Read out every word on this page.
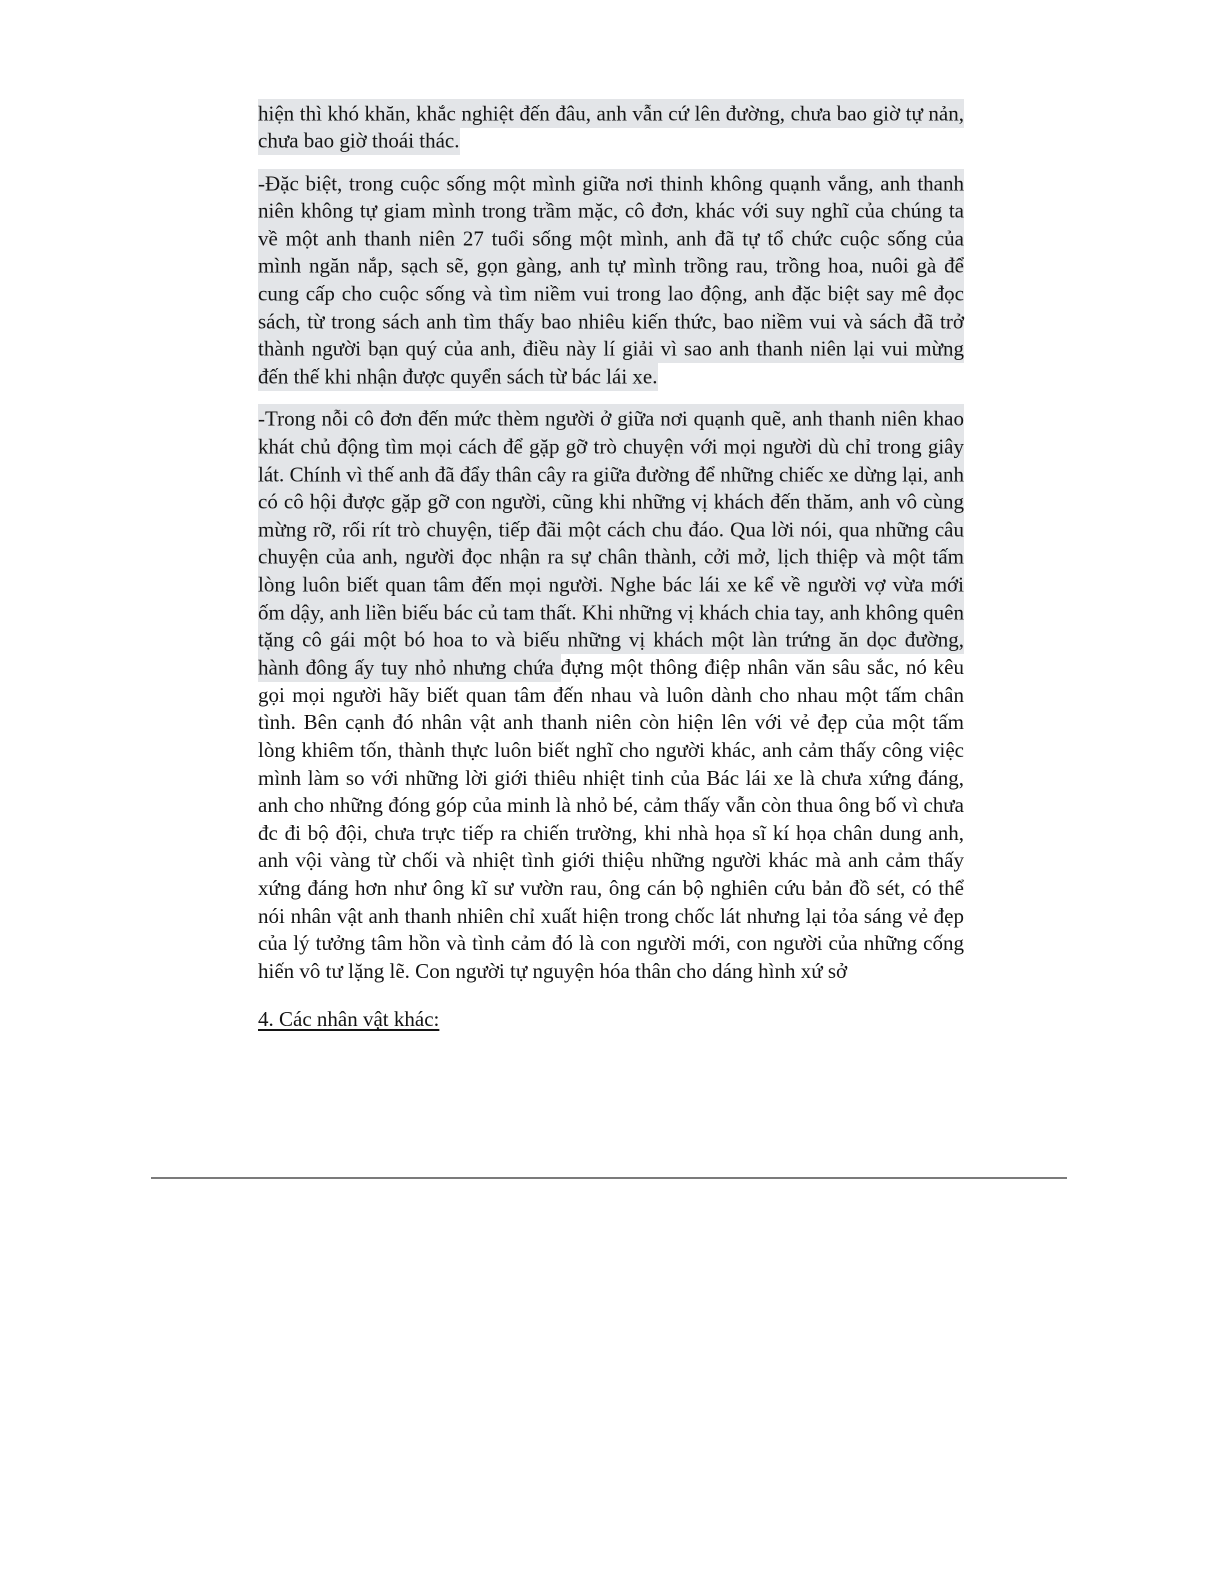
hiện thì khó khăn, khắc nghiệt đến đâu, anh vẫn cứ lên đường, chưa bao giờ tự nản, chưa bao giờ thoái thác.

-Đặc biệt, trong cuộc sống một mình giữa nơi thinh không quạnh vắng, anh thanh niên không tự giam mình trong trầm mặc, cô đơn, khác với suy nghĩ của chúng ta về một anh thanh niên 27 tuổi sống một mình, anh đã tự tổ chức cuộc sống của mình ngăn nắp, sạch sẽ, gọn gàng, anh tự mình trồng rau, trồng hoa, nuôi gà để cung cấp cho cuộc sống và tìm niềm vui trong lao động, anh đặc biệt say mê đọc sách, từ trong sách anh tìm thấy bao nhiêu kiến thức, bao niềm vui và sách đã trở thành người bạn quý của anh, điều này lí giải vì sao anh thanh niên lại vui mừng đến thế khi nhận được quyển sách từ bác lái xe.

-Trong nỗi cô đơn đến mức thèm người ở giữa nơi quạnh quẽ, anh thanh niên khao khát chủ động tìm mọi cách để gặp gỡ trò chuyện với mọi người dù chỉ trong giây lát. Chính vì thế anh đã đẩy thân cây ra giữa đường để những chiếc xe dừng lại, anh có cô hội được gặp gỡ con người, cũng khi những vị khách đến thăm, anh vô cùng mừng rỡ, rối rít trò chuyện, tiếp đãi một cách chu đáo. Qua lời nói, qua những câu chuyện của anh, người đọc nhận ra sự chân thành, cởi mở, lịch thiệp và một tấm lòng luôn biết quan tâm đến mọi người. Nghe bác lái xe kể về người vợ vừa mới ốm dậy, anh liền biếu bác củ tam thất. Khi những vị khách chia tay, anh không quên tặng cô gái một bó hoa to và biếu những vị khách một làn trứng ăn dọc đường, hành đông ấy tuy nhỏ nhưng chứa đựng một thông điệp nhân văn sâu sắc, nó kêu gọi mọi người hãy biết quan tâm đến nhau và luôn dành cho nhau một tấm chân tình. Bên cạnh đó nhân vật anh thanh niên còn hiện lên với vẻ đẹp của một tấm lòng khiêm tốn, thành thực luôn biết nghĩ cho người khác, anh cảm thấy công việc mình làm so với những lời giới thiêu nhiệt tinh của Bác lái xe là chưa xứng đáng, anh cho những đóng góp của minh là nhỏ bé, cảm thấy vẫn còn thua ông bố vì chưa đc đi bộ đội, chưa trực tiếp ra chiến trường, khi nhà họa sĩ kí họa chân dung anh, anh vội vàng từ chối và nhiệt tình giới thiệu những người khác mà anh cảm thấy xứng đáng hơn như ông kĩ sư vườn rau, ông cán bộ nghiên cứu bản đồ sét, có thể nói nhân vật anh thanh nhiên chỉ xuất hiện trong chốc lát nhưng lại tỏa sáng vẻ đẹp của lý tưởng tâm hồn và tình cảm đó là con người mới, con người của những cống hiến vô tư lặng lẽ. Con người tự nguyện hóa thân cho dáng hình xứ sở

4. Các nhân vật khác:
